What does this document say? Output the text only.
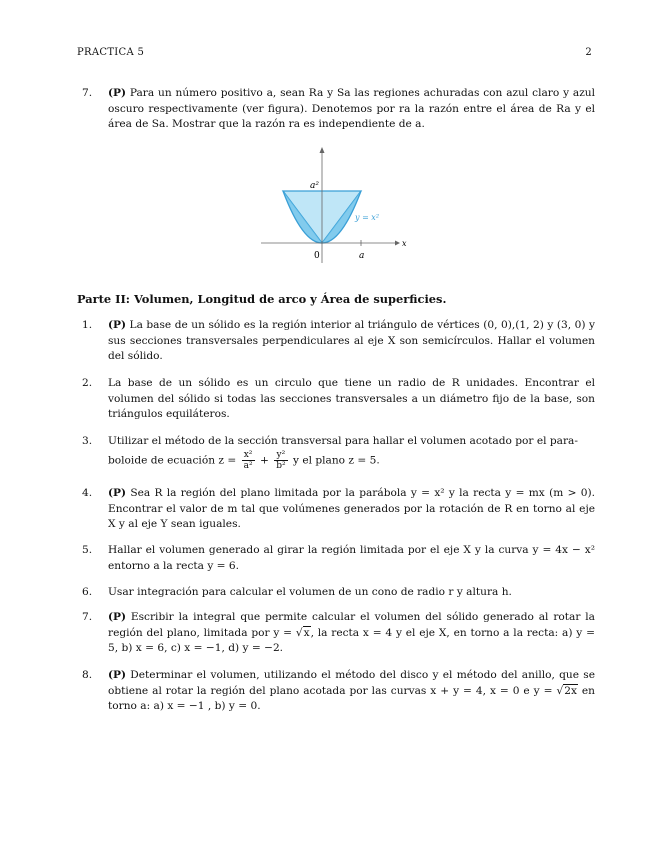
PRACTICA 5	2
7. (P) Para un número positivo a, sean Ra y Sa las regiones achuradas con azul claro y azul oscuro respectivamente (ver figura). Denotemos por ra la razón entre el área de Ra y el área de Sa. Mostrar que la razón ra es independiente de a.
a²
y = x²
x
0	a
Parte II: Volumen, Longitud de arco y Área de superficies.
1. (P) La base de un sólido es la región interior al triángulo de vértices (0, 0),(1, 2) y (3, 0) y sus secciones transversales perpendiculares al eje X son semicírculos. Hallar el volumen del sólido.
2. La base de un sólido es un circulo que tiene un radio de R unidades. Encontrar el volumen del sólido si todas las secciones transversales a un diámetro fijo de la base, son triángulos equiláteros.
3. Utilizar el método de la sección transversal para hallar el volumen acotado por el para-
boloide de ecuación $z = \frac{\text{x²}}{\text{a²}} + \frac{\text{y²}}{\text{b²}}$ y el plano z = 5.
4. (P) Sea R la región del plano limitada por la parábola y = x² y la recta y = mx (m > 0). Encontrar el valor de m tal que volúmenes generados por la rotación de R en torno al eje X y al eje Y sean iguales.
5. Hallar el volumen generado al girar la región limitada por el eje X y la curva y = 4x − x² entorno a la recta y = 6.
6. Usar integración para calcular el volumen de un cono de radio r y altura h.
7. (P) Escribir la integral que permite calcular el volumen del sólido generado al rotar la región del plano, limitada por y = √x, la recta x = 4 y el eje X, en torno a la recta: a) y = 5, b) x = 6, c) x = −1, d) y = −2.
8. (P) Determinar el volumen, utilizando el método del disco y el método del anillo, que se obtiene al rotar la región del plano acotada por las curvas x + y = 4, x = 0 e y = √2x en torno a: a) x = −1 , b) y = 0.
